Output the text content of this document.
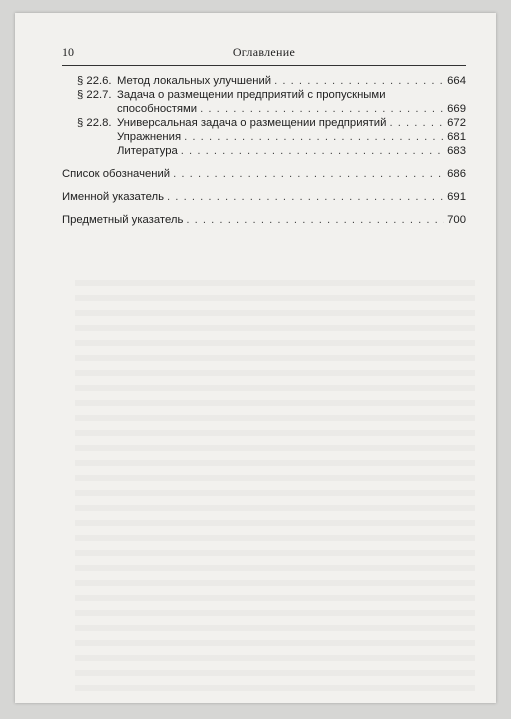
10	Оглавление
§ 22.6. Метод локальных улучшений . . .	664
§ 22.7. Задача о размещении предприятий с пропускными
способностями . . .	669
§ 22.8. Универсальная задача о размещении предприятий . . .	672
Упражнения . . .	681
Литература . . .	683
Список обозначений . . .	686
Именной указатель . . .	691
Предметный указатель . . .	700
